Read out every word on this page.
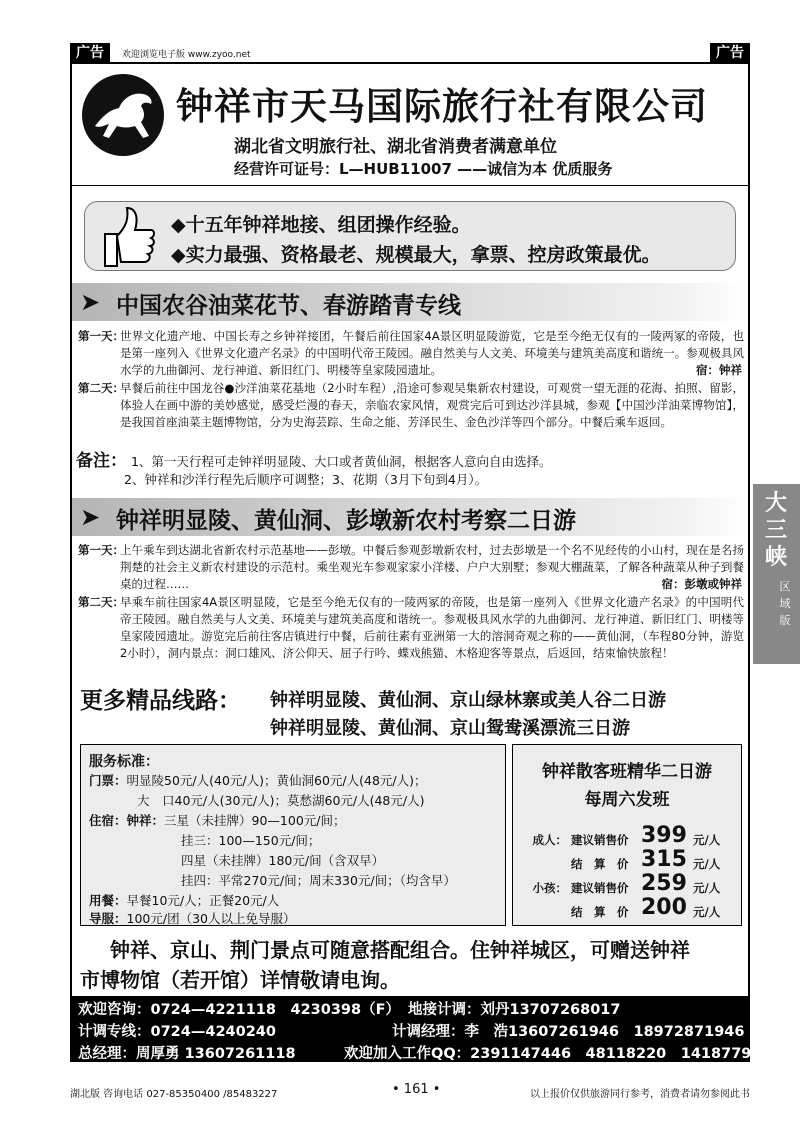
广告	欢迎浏览电子版 www.zyoo.net	广告
钟祥市天马国际旅行社有限公司
湖北省文明旅行社、湖北省消费者满意单位
经营许可证号：L—HUB11007 ——诚信为本 优质服务
◆十五年钟祥地接、组团操作经验。
◆实力最强、资格最老、规模最大，拿票、控房政策最优。
➤ 中国农谷油菜花节、春游踏青专线
第一天：
世界文化遗产地、中国长寿之乡钟祥接团，午餐后前往国家4A景区明显陵游览，它是至今绝无仅有的一陵两冢的帝陵，也是第一座列入《世界文化遗产名录》的中国明代帝王陵园。融自然美与人文美、环境美与建筑美高度和谐统一。参观极具风水学的九曲御河、龙行神道、新旧红门、明楼等皇家陵园遗址。	宿：钟祥
第二天：
早餐后前往中国龙谷●沙洋油菜花基地（2小时车程）,沿途可参观吴集新农村建设，可观赏一望无涯的花海、拍照、留影，体验人在画中游的美妙感觉，感受烂漫的春天，亲临农家风情，观赏完后可到达沙洋县城，参观【中国沙洋油菜博物馆】，是我国首座油菜主题博物馆，分为史海芸踪、生命之能、芳泽民生、金色沙洋等四个部分。中餐后乘车返回。
备注： 1、第一天行程可走钟祥明显陵、大口或者黄仙洞，根据客人意向自由选择。
2、钟祥和沙洋行程先后顺序可调整；3、花期（3月下旬到4月）。
➤ 钟祥明显陵、黄仙洞、彭墩新农村考察二日游
第一天：
上午乘车到达湖北省新农村示范基地——彭墩。中餐后参观彭墩新农村，过去彭墩是一个名不见经传的小山村，现在是名扬荆楚的社会主义新农村建设的示范村。乘坐观光车参观家家小洋楼、户户大别墅；参观大棚蔬菜，了解各种蔬菜从种子到餐桌的过程……	宿：彭墩或钟祥
第二天：
早乘车前往国家4A景区明显陵，它是至今绝无仅有的一陵两冢的帝陵，也是第一座列入《世界文化遗产名录》的中国明代帝王陵园。融自然美与人文美、环境美与建筑美高度和谐统一。参观极具风水学的九曲御河、龙行神道、新旧红门、明楼等皇家陵园遗址。游览完后前往客店镇进行中餐，后前往素有亚洲第一大的溶洞奇观之称的——黄仙洞，（车程80分钟，游览2小时），洞内景点：洞口雄风、济公仰天、屈子行吟、蝶戏熊猫、木格迎客等景点，后返回，结束愉快旅程！
更多精品线路： 钟祥明显陵、黄仙洞、京山绿林寨或美人谷二日游
钟祥明显陵、黄仙洞、京山鸳鸯溪漂流三日游
服务标准：
门票：明显陵50元/人(40元/人)；黄仙洞60元/人(48元/人)；
大　口40元/人(30元/人)；莫愁湖60元/人(48元/人)
住宿：钟祥：三星（未挂牌）90—100元/间；
挂三：100—150元/间；
四星（未挂牌）180元/间（含双早）
挂四：平常270元/间；周末330元/间；（均含早）
用餐：早餐10元/人；正餐20元/人
导服：100元/团（30人以上免导服）
钟祥散客班精华二日游
每周六发班
成人： 建议销售价 399 元/人
结　算　价 315 元/人
小孩： 建议销售价 259 元/人
结　算　价 200 元/人
钟祥、京山、荆门景点可随意搭配组合。住钟祥城区，可赠送钟祥
市博物馆（若开馆）详情敬请电询。
欢迎咨询：0724—4221118　4230398（F） 地接计调：刘丹13707268017
计调专线：0724—4240240	计调经理：李　浩13607261946　18972871946
总经理：周厚勇 13607261118	欢迎加入工作QQ：2391147446　48118220　1418779881
湖北版 咨询电话 027-85350400 /85483227	• 161 •	以上报价仅供旅游同行参考，消费者请勿参阅此书
大三峡
区域版
